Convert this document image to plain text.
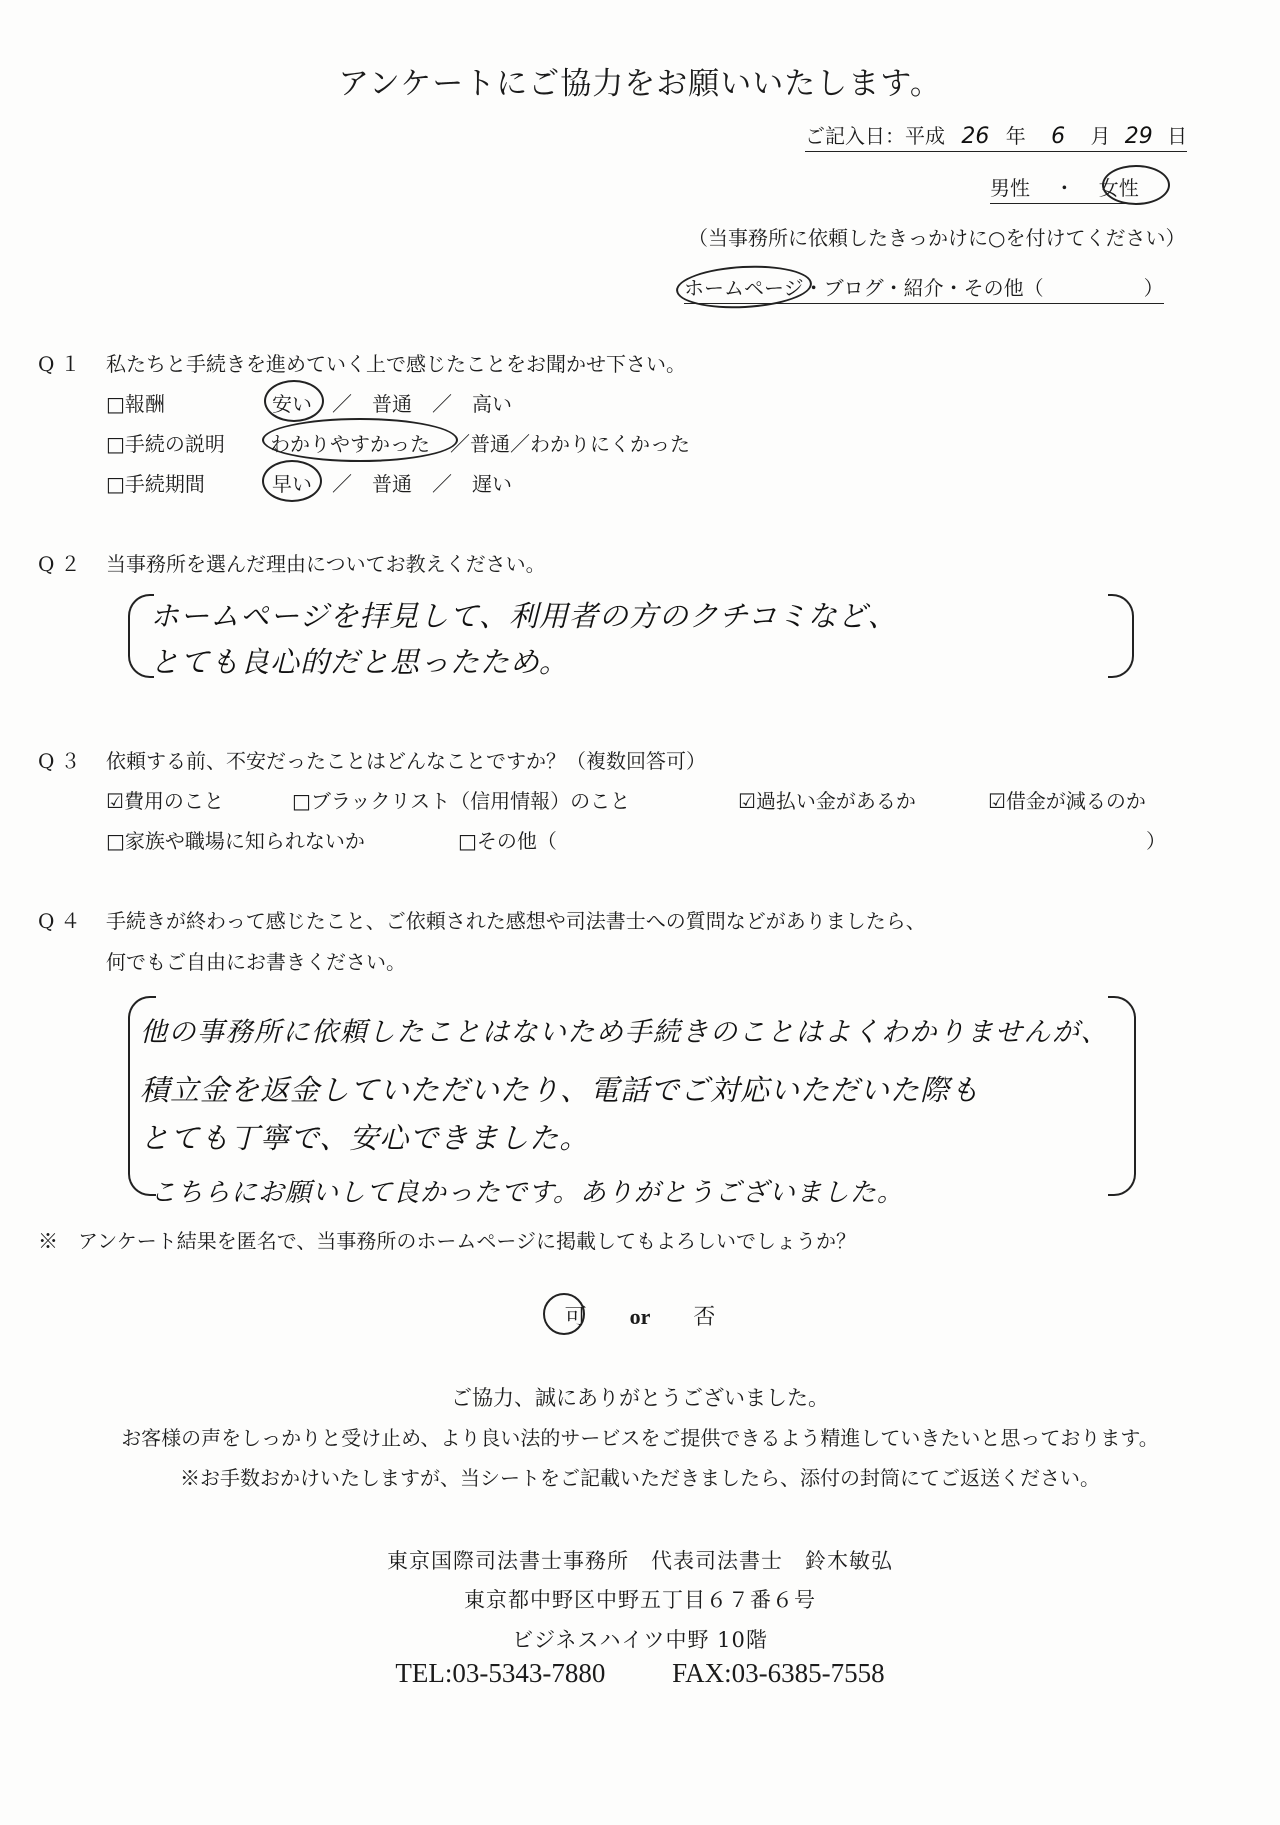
アンケートにご協力をお願いいたします。
ご記入日：平成 26 年 6 月 29 日
男性 ・ 女性
（当事務所に依頼したきっかけに○を付けてください）
ホームページ・ブログ・紹介・その他（　　　　　）
Q１ 私たちと手続きを進めていく上で感じたことをお聞かせ下さい。
□報酬	安い　／　普通　／　高い
□手続の説明 わかりやすかった　／普通／わかりにくかった
□手続期間	早い　／　普通　／　遅い
Q２ 当事務所を選んだ理由についてお教えください。
ホームページを拝見して、利用者の方のクチコミなど、
とても良心的だと思ったため。
Q３ 依頼する前、不安だったことはどんなことですか？（複数回答可）
☑費用のこと	□ブラックリスト（信用情報）のこと	☑過払い金があるか	☑借金が減るのか
□家族や職場に知られないか	□その他（	）
Q４ 手続きが終わって感じたこと、ご依頼された感想や司法書士への質問などがありましたら、
何でもご自由にお書きください。
他の事務所に依頼したことはないため手続きのことはよくわかりませんが、
積立金を返金していただいたり、電話でご対応いただいた際も
とても丁寧で、安心できました。
こちらにお願いして良かったです。ありがとうございました。
※　アンケート結果を匿名で、当事務所のホームページに掲載してもよろしいでしょうか？
可 or 否
ご協力、誠にありがとうございました。
お客様の声をしっかりと受け止め、より良い法的サービスをご提供できるよう精進していきたいと思っております。
※お手数おかけいたしますが、当シートをご記載いただきましたら、添付の封筒にてご返送ください。
東京国際司法書士事務所　代表司法書士　鈴木敏弘
東京都中野区中野五丁目６７番６号
ビジネスハイツ中野 10階
TEL:03-5343-7880 FAX:03-6385-7558
